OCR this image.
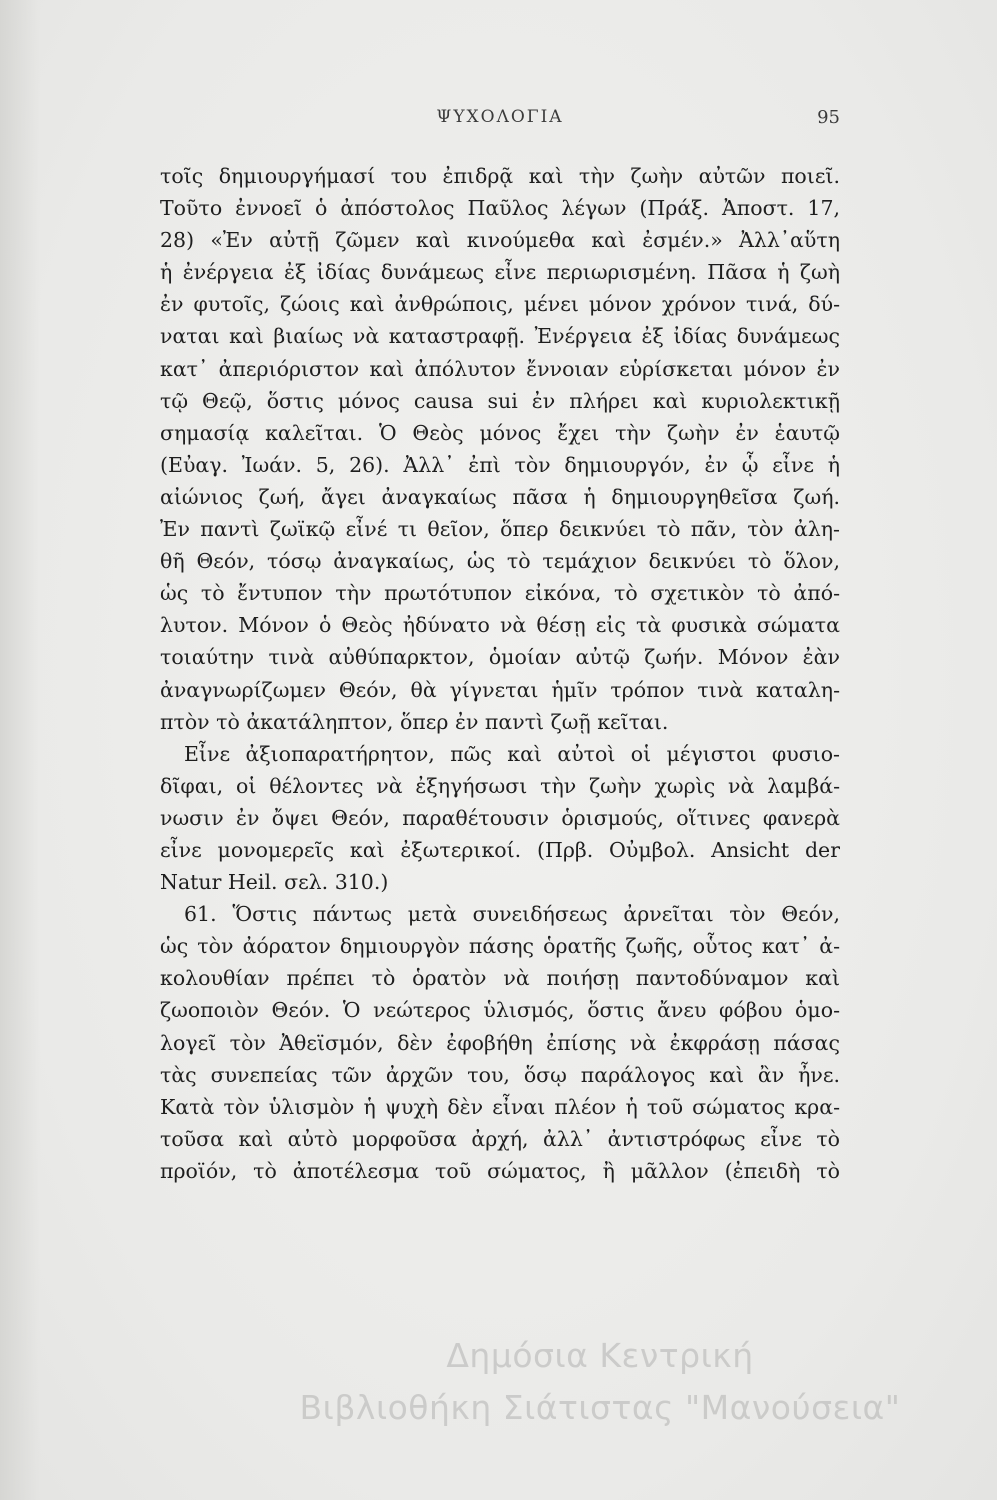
ΨΥΧΟΛΟΓΙΑ	95
τοῖς δημιουργήμασί του ἐπιδρᾷ καὶ τὴν ζωὴν αὐτῶν ποιεῖ.
Τοῦτο ἐννοεῖ ὁ ἀπόστολος Παῦλος λέγων (Πράξ. Ἀποστ. 17,
28) «Ἐν αὐτῇ ζῶμεν καὶ κινούμεθα καὶ ἐσμέν.» Ἀλλ᾽αὕτη
ἡ ἐνέργεια ἐξ ἰδίας δυνάμεως εἶνε περιωρισμένη. Πᾶσα ἡ ζωὴ
ἐν φυτοῖς, ζώοις καὶ ἀνθρώποις, μένει μόνον χρόνον τινά, δύ-
ναται καὶ βιαίως νὰ καταστραφῇ. Ἐνέργεια ἐξ ἰδίας δυνάμεως
κατ᾽ ἀπεριόριστον καὶ ἀπόλυτον ἔννοιαν εὑρίσκεται μόνον ἐν
τῷ Θεῷ, ὅστις μόνος causa sui ἐν πλήρει καὶ κυριολεκτικῇ
σημασίᾳ καλεῖται. Ὁ Θεὸς μόνος ἔχει τὴν ζωὴν ἐν ἑαυτῷ
(Εὐαγ. Ἰωάν. 5, 26). Ἀλλ᾽ ἐπὶ τὸν δημιουργόν, ἐν ᾧ εἶνε ἡ
αἰώνιος ζωή, ἄγει ἀναγκαίως πᾶσα ἡ δημιουργηθεῖσα ζωή.
Ἐν παντὶ ζωϊκῷ εἶνέ τι θεῖον, ὅπερ δεικνύει τὸ πᾶν, τὸν ἀλη-
θῆ Θεόν, τόσῳ ἀναγκαίως, ὡς τὸ τεμάχιον δεικνύει τὸ ὅλον,
ὡς τὸ ἔντυπον τὴν πρωτότυπον εἰκόνα, τὸ σχετικὸν τὸ ἀπό-
λυτον. Μόνον ὁ Θεὸς ἠδύνατο νὰ θέσῃ εἰς τὰ φυσικὰ σώματα
τοιαύτην τινὰ αὐθύπαρκτον, ὁμοίαν αὐτῷ ζωήν. Μόνον ἐὰν
ἀναγνωρίζωμεν Θεόν, θὰ γίγνεται ἡμῖν τρόπον τινὰ καταλη-
πτὸν τὸ ἀκατάληπτον, ὅπερ ἐν παντὶ ζωῇ κεῖται.
Εἶνε ἀξιοπαρατήρητον, πῶς καὶ αὐτοὶ οἱ μέγιστοι φυσιο-
δῖφαι, οἱ θέλοντες νὰ ἐξηγήσωσι τὴν ζωὴν χωρὶς νὰ λαμβά-
νωσιν ἐν ὄψει Θεόν, παραθέτουσιν ὁρισμούς, οἵτινες φανερὰ
εἶνε μονομερεῖς καὶ ἐξωτερικοί. (Πρβ. Οὐμβολ. Ansicht der
Natur Heil. σελ. 310.)
61. Ὅστις πάντως μετὰ συνειδήσεως ἀρνεῖται τὸν Θεόν,
ὡς τὸν ἀόρατον δημιουργὸν πάσης ὁρατῆς ζωῆς, οὗτος κατ᾽ ἀ-
κολουθίαν πρέπει τὸ ὁρατὸν νὰ ποιήσῃ παντοδύναμον καὶ
ζωοποιὸν Θεόν. Ὁ νεώτερος ὑλισμός, ὅστις ἄνευ φόβου ὁμο-
λογεῖ τὸν Ἀθεϊσμόν, δὲν ἐφοβήθη ἐπίσης νὰ ἐκφράσῃ πάσας
τὰς συνεπείας τῶν ἀρχῶν του, ὅσῳ παράλογος καὶ ἂν ἦνε.
Κατὰ τὸν ὑλισμὸν ἡ ψυχὴ δὲν εἶναι πλέον ἡ τοῦ σώματος κρα-
τοῦσα καὶ αὐτὸ μορφοῦσα ἀρχή, ἀλλ᾽ ἀντιστρόφως εἶνε τὸ
προϊόν, τὸ ἀποτέλεσμα τοῦ σώματος, ἢ μᾶλλον (ἐπειδὴ τὸ
Δημόσια Κεντρική
Βιβλιοθήκη Σιάτιστας "Μανούσεια"
